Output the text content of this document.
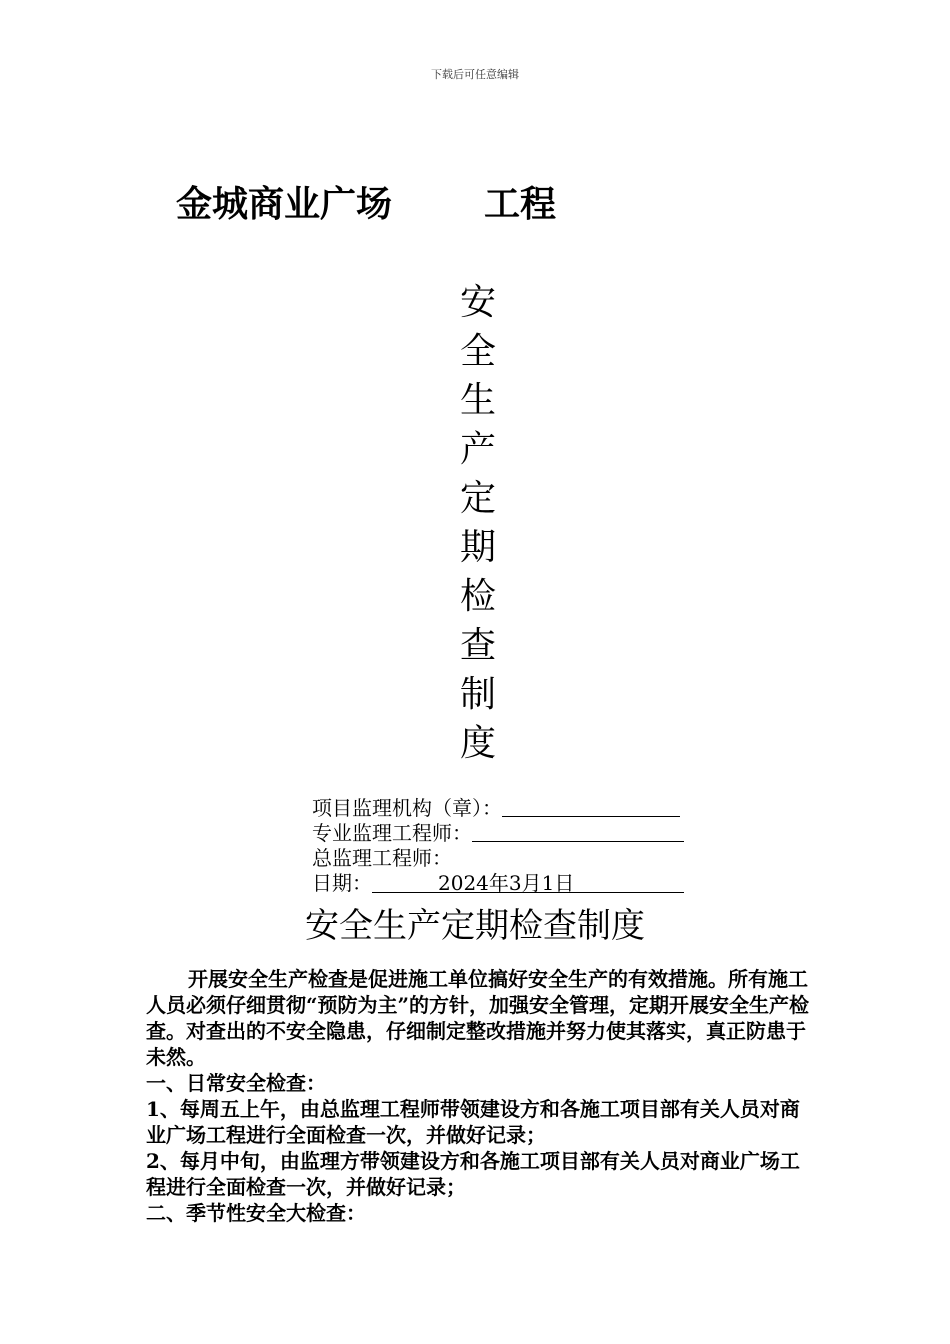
下载后可任意编辑
金城商业广场	工程
安
全
生
产
定
期
检
查
制
度
项目监理机构（章）：
专业监理工程师：
总监理工程师：
日期：	2024年3月1日
安全生产定期检查制度

开展安全生产检查是促进施工单位搞好安全生产的有效措施。所有施工人员必须仔细贯彻“预防为主”的方针，加强安全管理，定期开展安全生产检查。对查出的不安全隐患，仔细制定整改措施并努力使其落实，真正防患于未然。

一、日常安全检查：

1、每周五上午，由总监理工程师带领建设方和各施工项目部有关人员对商业广场工程进行全面检查一次，并做好记录；

2、每月中旬，由监理方带领建设方和各施工项目部有关人员对商业广场工程进行全面检查一次，并做好记录；

二、季节性安全大检查：
